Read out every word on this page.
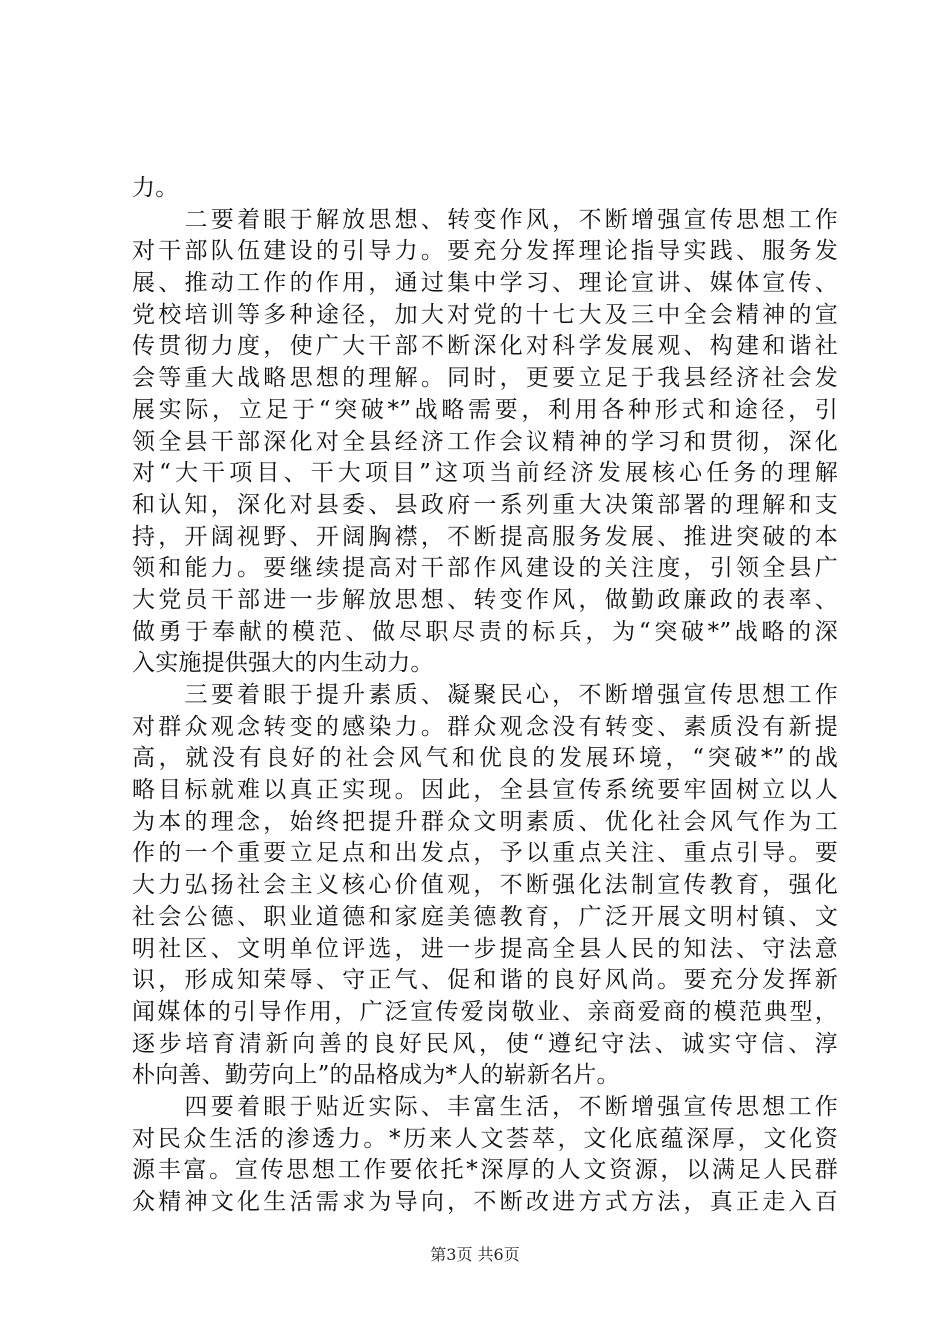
力。
　　二要着眼于解放思想、转变作风，不断增强宣传思想工作
对干部队伍建设的引导力。要充分发挥理论指导实践、服务发
展、推动工作的作用，通过集中学习、理论宣讲、媒体宣传、
党校培训等多种途径，加大对党的十七大及三中全会精神的宣
传贯彻力度，使广大干部不断深化对科学发展观、构建和谐社
会等重大战略思想的理解。同时，更要立足于我县经济社会发
展实际，立足于“突破*”战略需要，利用各种形式和途径，引
领全县干部深化对全县经济工作会议精神的学习和贯彻，深化
对“大干项目、干大项目”这项当前经济发展核心任务的理解
和认知，深化对县委、县政府一系列重大决策部署的理解和支
持，开阔视野、开阔胸襟，不断提高服务发展、推进突破的本
领和能力。要继续提高对干部作风建设的关注度，引领全县广
大党员干部进一步解放思想、转变作风，做勤政廉政的表率、
做勇于奉献的模范、做尽职尽责的标兵，为“突破*”战略的深
入实施提供强大的内生动力。
　　三要着眼于提升素质、凝聚民心，不断增强宣传思想工作
对群众观念转变的感染力。群众观念没有转变、素质没有新提
高，就没有良好的社会风气和优良的发展环境，“突破*”的战
略目标就难以真正实现。因此，全县宣传系统要牢固树立以人
为本的理念，始终把提升群众文明素质、优化社会风气作为工
作的一个重要立足点和出发点，予以重点关注、重点引导。要
大力弘扬社会主义核心价值观，不断强化法制宣传教育，强化
社会公德、职业道德和家庭美德教育，广泛开展文明村镇、文
明社区、文明单位评选，进一步提高全县人民的知法、守法意
识，形成知荣辱、守正气、促和谐的良好风尚。要充分发挥新
闻媒体的引导作用，广泛宣传爱岗敬业、亲商爱商的模范典型，
逐步培育清新向善的良好民风，使“遵纪守法、诚实守信、淳
朴向善、勤劳向上”的品格成为*人的崭新名片。
　　四要着眼于贴近实际、丰富生活，不断增强宣传思想工作
对民众生活的渗透力。*历来人文荟萃，文化底蕴深厚，文化资
源丰富。宣传思想工作要依托*深厚的人文资源，以满足人民群
众精神文化生活需求为导向，不断改进方式方法，真正走入百
第3页 共6页
